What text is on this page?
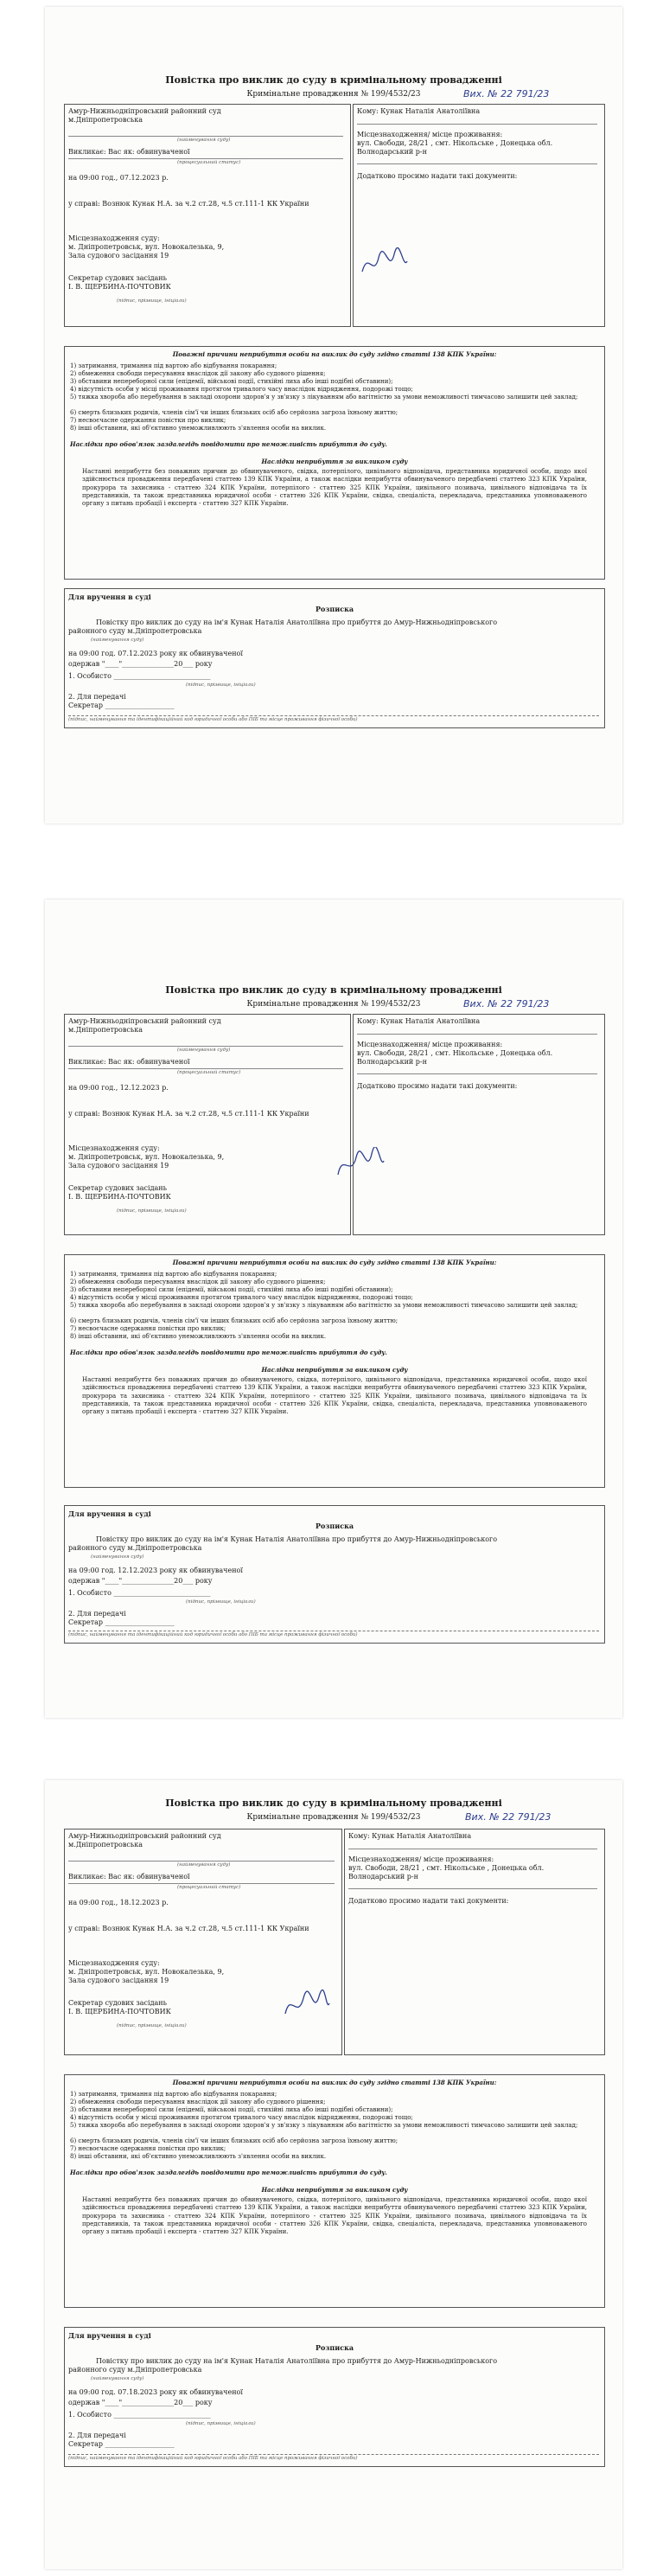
Повістка про виклик до суду в кримінальному провадженні
Кримінальне провадження № 199/4532/23	Вих. № 22 791/23
Амур-Нижньодніпровський районний суд
м.Дніпропетровська
(найменування суду)
Викликає: Вас як: обвинуваченої
(процесуальний статус)
на 09:00 год., 07.12.2023 р.
у справі: Вознюк Кунак Н.А. за ч.2 ст.28, ч.5 ст.111-1 КК України
Місцезнаходження суду:
м. Дніпропетровськ, вул. Новокалезька, 9,
Зала судового засідання 19
Секретар судових засідань
І. В. ЩЕРБИНА-ПОЧТОВИК
(підпис, прізвище, ініціали)
Кому: Кунак Наталія Анатоліївна
Місцезнаходження/ місце проживання:
вул. Свободи, 28/21 , смт. Нікольське , Донецька обл.
Волнодарський р-н
Додатково просимо надати такі документи:
Поважні причини неприбуття особи на виклик до суду згідно статті 138 КПК України:
1) затримання, тримання під вартою або відбування покарання;
2) обмеження свободи пересування внаслідок дії закону або судового рішення;
3) обставини непереборної сили (епідемії, військові події, стихійні лиха або інші подібні обставини);
4) відсутність особи у місці проживання протягом тривалого часу внаслідок відрядження, подорожі тощо;
5) тяжка хвороба або перебування в закладі охорони здоров'я у зв'язку з лікуванням або вагітністю за умови неможливості тимчасово залишити цей заклад;
6) смерть близьких родичів, членів сім'ї чи інших близьких осіб або серйозна загроза їхньому життю;
7) несвоєчасне одержання повістки про виклик;
8) інші обставини, які об'єктивно унеможливлюють з'явлення особи на виклик.
Наслідки про обов'язок заздалегідь повідомити про неможливість прибуття до суду.
Наслідки неприбуття за викликом суду
Настанні неприбуття без поважних причин до обвинуваченого, свідка, потерпілого, цивільного відповідача, представника юридичної особи, щодо якої здійснюється провадження передбачені статтею 139 КПК України, а також наслідки неприбуття обвинуваченого передбачені статтею 323 КПК України, прокурора та захисника - статтею 324 КПК України, потерпілого - статтею 325 КПК України, цивільного позивача, цивільного відповідача та їх представників, та також представника юридичної особи - статтею 326 КПК України, свідка, спеціаліста, перекладача, представника уповноваженого органу з питань пробації і експерта - статтею 327 КПК України.
Для вручення в суді
Розписка
Повістку про виклик до суду на ім'я Кунак Наталія Анатоліївна про прибуття до Амур-Нижньодніпровського
районного суду м.Дніпропетровська
(найменування суду)
на 09:00 год. 07.12.2023 року як обвинуваченої
одержав "____"_______________20___ року
1. Особисто ____________________________
(підпис, прізвище, ініціали)
2. Для передачі
Секретар ____________________
(підпис, найменування та ідентифікаційний код юридичної особи або ПІБ та місце проживання фізичної особи)
Повістка про виклик до суду в кримінальному провадженні
Кримінальне провадження № 199/4532/23	Вих. № 22 791/23
Амур-Нижньодніпровський районний суд
м.Дніпропетровська
(найменування суду)
Викликає: Вас як: обвинуваченої
(процесуальний статус)
на 09:00 год., 12.12.2023 р.
у справі: Вознюк Кунак Н.А. за ч.2 ст.28, ч.5 ст.111-1 КК України
Місцезнаходження суду:
м. Дніпропетровськ, вул. Новокалезька, 9,
Зала судового засідання 19
Секретар судових засідань
І. В. ЩЕРБИНА-ПОЧТОВИК
(підпис, прізвище, ініціали)
Кому: Кунак Наталія Анатоліївна
Місцезнаходження/ місце проживання:
вул. Свободи, 28/21 , смт. Нікольське , Донецька обл.
Волнодарський р-н
Додатково просимо надати такі документи:
Поважні причини неприбуття особи на виклик до суду згідно статті 138 КПК України:
1) затримання, тримання під вартою або відбування покарання;
2) обмеження свободи пересування внаслідок дії закону або судового рішення;
3) обставини непереборної сили (епідемії, військові події, стихійні лиха або інші подібні обставини);
4) відсутність особи у місці проживання протягом тривалого часу внаслідок відрядження, подорожі тощо;
5) тяжка хвороба або перебування в закладі охорони здоров'я у зв'язку з лікуванням або вагітністю за умови неможливості тимчасово залишити цей заклад;
6) смерть близьких родичів, членів сім'ї чи інших близьких осіб або серйозна загроза їхньому життю;
7) несвоєчасне одержання повістки про виклик;
8) інші обставини, які об'єктивно унеможливлюють з'явлення особи на виклик.
Наслідки про обов'язок заздалегідь повідомити про неможливість прибуття до суду.
Наслідки неприбуття за викликом суду
Настанні неприбуття без поважних причин до обвинуваченого, свідка, потерпілого, цивільного відповідача, представника юридичної особи, щодо якої здійснюється провадження передбачені статтею 139 КПК України, а також наслідки неприбуття обвинуваченого передбачені статтею 323 КПК України, прокурора та захисника - статтею 324 КПК України, потерпілого - статтею 325 КПК України, цивільного позивача, цивільного відповідача та їх представників, та також представника юридичної особи - статтею 326 КПК України, свідка, спеціаліста, перекладача, представника уповноваженого органу з питань пробації і експерта - статтею 327 КПК України.
Для вручення в суді
Розписка
Повістку про виклик до суду на ім'я Кунак Наталія Анатоліївна про прибуття до Амур-Нижньодніпровського
районного суду м.Дніпропетровська
(найменування суду)
на 09:00 год. 12.12.2023 року як обвинуваченої
одержав "____"_______________20___ року
1. Особисто ____________________________
(підпис, прізвище, ініціали)
2. Для передачі
Секретар ____________________
(підпис, найменування та ідентифікаційний код юридичної особи або ПІБ та місце проживання фізичної особи)
Повістка про виклик до суду в кримінальному провадженні
Кримінальне провадження № 199/4532/23	Вих. № 22 791/23
Амур-Нижньодніпровський районний суд
м.Дніпропетровська
(найменування суду)
Викликає: Вас як: обвинуваченої
(процесуальний статус)
на 09:00 год., 18.12.2023 р.
у справі: Вознюк Кунак Н.А. за ч.2 ст.28, ч.5 ст.111-1 КК України
Місцезнаходження суду:
м. Дніпропетровськ, вул. Новокалезька, 9,
Зала судового засідання 19
Секретар судових засідань
І. В. ЩЕРБИНА-ПОЧТОВИК
(підпис, прізвище, ініціали)
Кому: Кунак Наталія Анатоліївна
Місцезнаходження/ місце проживання:
вул. Свободи, 28/21 , смт. Нікольське , Донецька обл.
Волнодарський р-н
Додатково просимо надати такі документи:
Поважні причини неприбуття особи на виклик до суду згідно статті 138 КПК України:
1) затримання, тримання під вартою або відбування покарання;
2) обмеження свободи пересування внаслідок дії закону або судового рішення;
3) обставини непереборної сили (епідемії, військові події, стихійні лиха або інші подібні обставини);
4) відсутність особи у місці проживання протягом тривалого часу внаслідок відрядження, подорожі тощо;
5) тяжка хвороба або перебування в закладі охорони здоров'я у зв'язку з лікуванням або вагітністю за умови неможливості тимчасово залишити цей заклад;
6) смерть близьких родичів, членів сім'ї чи інших близьких осіб або серйозна загроза їхньому життю;
7) несвоєчасне одержання повістки про виклик;
8) інші обставини, які об'єктивно унеможливлюють з'явлення особи на виклик.
Наслідки про обов'язок заздалегідь повідомити про неможливість прибуття до суду.
Наслідки неприбуття за викликом суду
Настанні неприбуття без поважних причин до обвинуваченого, свідка, потерпілого, цивільного відповідача, представника юридичної особи, щодо якої здійснюється провадження передбачені статтею 139 КПК України, а також наслідки неприбуття обвинуваченого передбачені статтею 323 КПК України, прокурора та захисника - статтею 324 КПК України, потерпілого - статтею 325 КПК України, цивільного позивача, цивільного відповідача та їх представників, та також представника юридичної особи - статтею 326 КПК України, свідка, спеціаліста, перекладача, представника уповноваженого органу з питань пробації і експерта - статтею 327 КПК України.
Для вручення в суді
Розписка
Повістку про виклик до суду на ім'я Кунак Наталія Анатоліївна про прибуття до Амур-Нижньодніпровського
районного суду м.Дніпропетровська
(найменування суду)
на 09:00 год. 07.18.2023 року як обвинуваченої
одержав "____"_______________20___ року
1. Особисто ____________________________
(підпис, прізвище, ініціали)
2. Для передачі
Секретар ____________________
(підпис, найменування та ідентифікаційний код юридичної особи або ПІБ та місце проживання фізичної особи)
